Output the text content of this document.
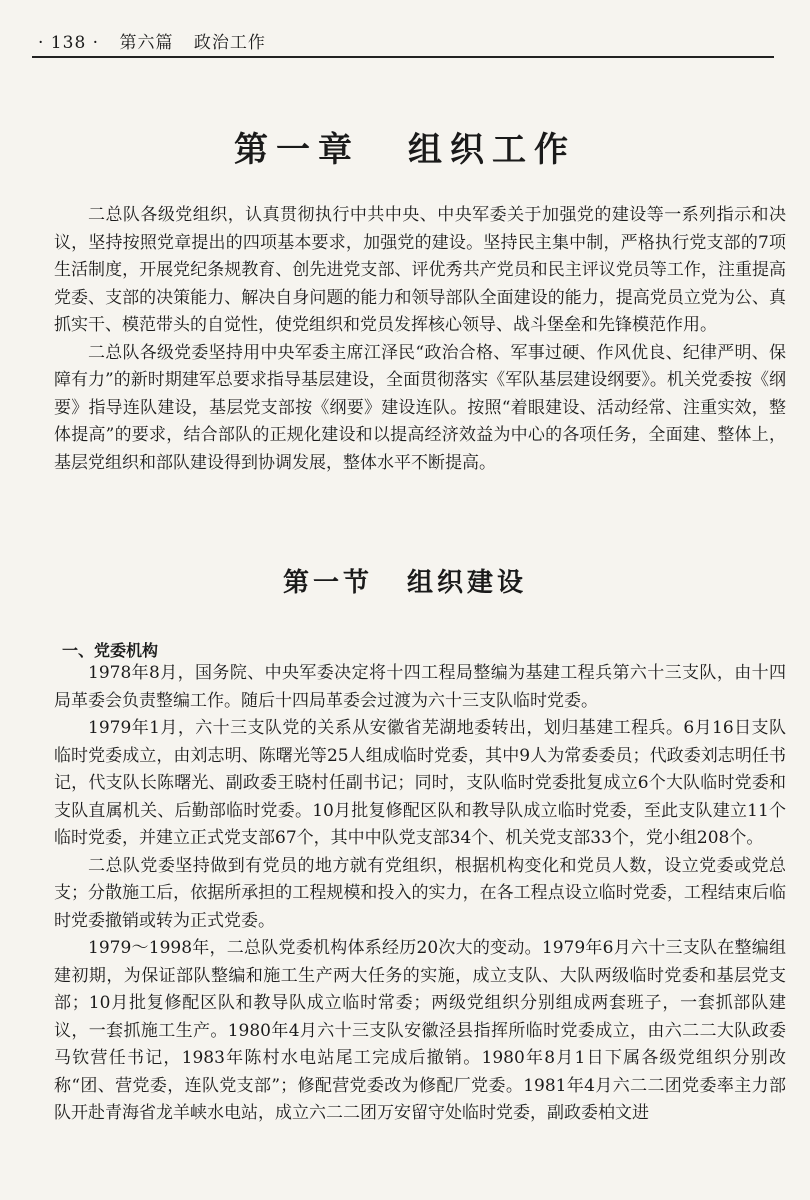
· 138 · 第六篇 政治工作
第一章 组织工作

二总队各级党组织，认真贯彻执行中共中央、中央军委关于加强党的建设等一系列指示和决议，坚持按照党章提出的四项基本要求，加强党的建设。坚持民主集中制，严格执行党支部的7项生活制度，开展党纪条规教育、创先进党支部、评优秀共产党员和民主评议党员等工作，注重提高党委、支部的决策能力、解决自身问题的能力和领导部队全面建设的能力，提高党员立党为公、真抓实干、模范带头的自觉性，使党组织和党员发挥核心领导、战斗堡垒和先锋模范作用。

二总队各级党委坚持用中央军委主席江泽民“政治合格、军事过硬、作风优良、纪律严明、保障有力”的新时期建军总要求指导基层建设，全面贯彻落实《军队基层建设纲要》。机关党委按《纲要》指导连队建设，基层党支部按《纲要》建设连队。按照“着眼建设、活动经常、注重实效，整体提高”的要求，结合部队的正规化建设和以提高经济效益为中心的各项任务，全面建、整体上，基层党组织和部队建设得到协调发展，整体水平不断提高。

第一节 组织建设
一、党委机构

1978年8月，国务院、中央军委决定将十四工程局整编为基建工程兵第六十三支队，由十四局革委会负责整编工作。随后十四局革委会过渡为六十三支队临时党委。

1979年1月，六十三支队党的关系从安徽省芜湖地委转出，划归基建工程兵。6月16日支队临时党委成立，由刘志明、陈曙光等25人组成临时党委，其中9人为常委委员；代政委刘志明任书记，代支队长陈曙光、副政委王晓村任副书记；同时，支队临时党委批复成立6个大队临时党委和支队直属机关、后勤部临时党委。10月批复修配区队和教导队成立临时党委，至此支队建立11个临时党委，并建立正式党支部67个，其中中队党支部34个、机关党支部33个，党小组208个。

二总队党委坚持做到有党员的地方就有党组织，根据机构变化和党员人数，设立党委或党总支；分散施工后，依据所承担的工程规模和投入的实力，在各工程点设立临时党委，工程结束后临时党委撤销或转为正式党委。

1979～1998年，二总队党委机构体系经历20次大的变动。1979年6月六十三支队在整编组建初期，为保证部队整编和施工生产两大任务的实施，成立支队、大队两级临时党委和基层党支部；10月批复修配区队和教导队成立临时常委；两级党组织分别组成两套班子，一套抓部队建议，一套抓施工生产。1980年4月六十三支队安徽泾县指挥所临时党委成立，由六二二大队政委马钦营任书记，1983年陈村水电站尾工完成后撤销。1980年8月1日下属各级党组织分别改称“团、营党委，连队党支部”；修配营党委改为修配厂党委。1981年4月六二二团党委率主力部队开赴青海省龙羊峡水电站，成立六二二团万安留守处临时党委，副政委柏文进
